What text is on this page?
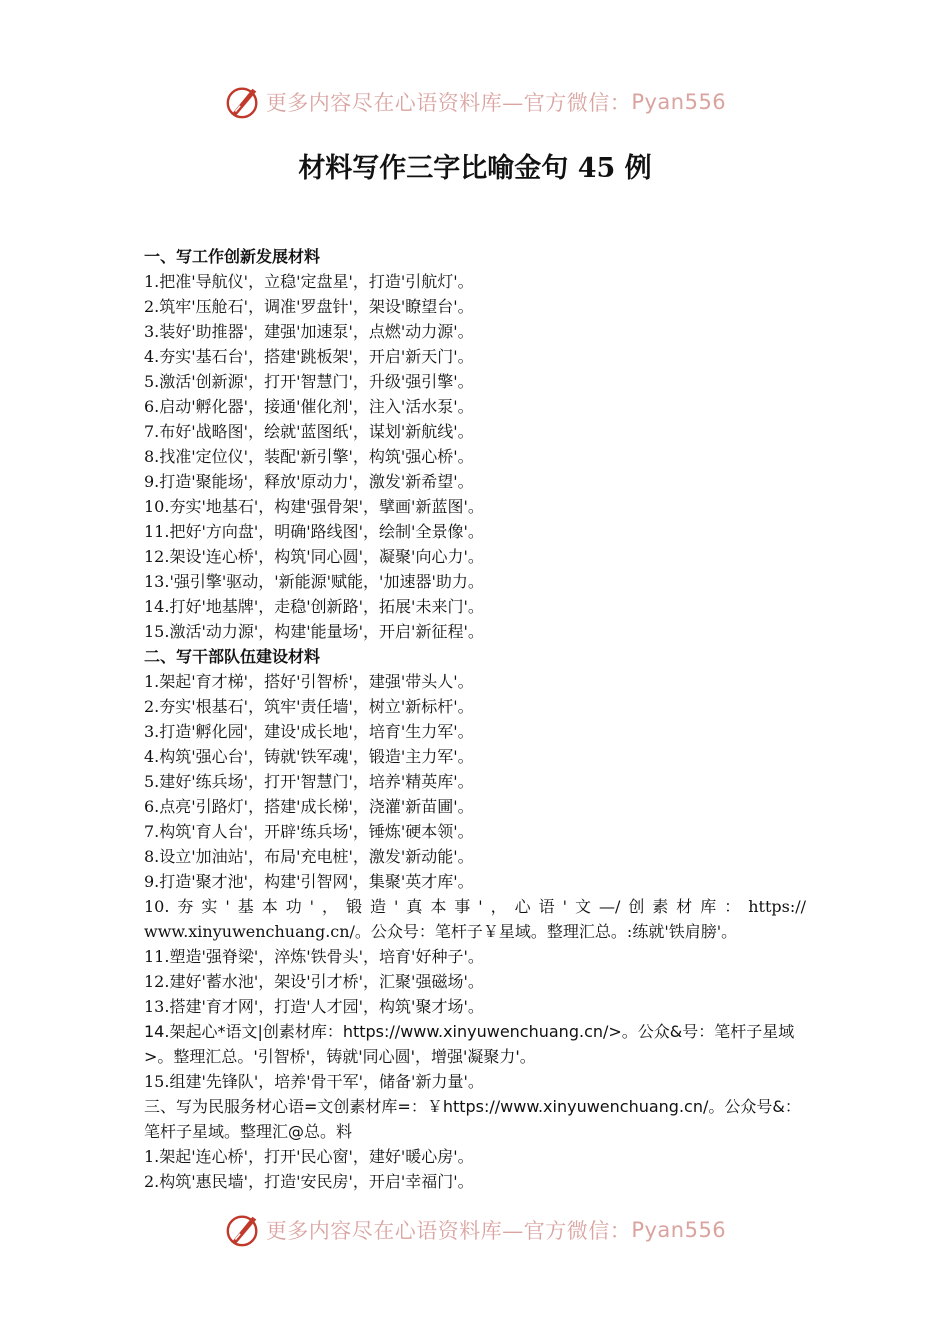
更多内容尽在心语资料库—官方微信： Pyan556
材料写作三字比喻金句 45 例
一、写工作创新发展材料
1.把准'导航仪'，立稳'定盘星'，打造'引航灯'。
2.筑牢'压舱石'，调准'罗盘针'，架设'瞭望台'。
3.装好'助推器'，建强'加速泵'，点燃'动力源'。
4.夯实'基石台'，搭建'跳板架'，开启'新天门'。
5.激活'创新源'，打开'智慧门'，升级'强引擎'。
6.启动'孵化器'，接通'催化剂'，注入'活水泵'。
7.布好'战略图'，绘就'蓝图纸'，谋划'新航线'。
8.找准'定位仪'，装配'新引擎'，构筑'强心桥'。
9.打造'聚能场'，释放'原动力'，激发'新希望'。
10.夯实'地基石'，构建'强骨架'，擘画'新蓝图'。
11.把好'方向盘'，明确'路线图'，绘制'全景像'。
12.架设'连心桥'，构筑'同心圆'，凝聚'向心力'。
13.'强引擎'驱动，'新能源'赋能，'加速器'助力。
14.打好'地基牌'，走稳'创新路'，拓展'未来门'。
15.激活'动力源'，构建'能量场'，开启'新征程'。
二、写干部队伍建设材料
1.架起'育才梯'，搭好'引智桥'，建强'带头人'。
2.夯实'根基石'，筑牢'责任墙'，树立'新标杆'。
3.打造'孵化园'，建设'成长地'，培育'生力军'。
4.构筑'强心台'，铸就'铁军魂'，锻造'主力军'。
5.建好'练兵场'，打开'智慧门'，培养'精英库'。
6.点亮'引路灯'，搭建'成长梯'，浇灌'新苗圃'。
7.构筑'育人台'，开辟'练兵场'，锤炼'硬本领'。
8.设立'加油站'，布局'充电桩'，激发'新动能'。
9.打造'聚才池'，构建'引智网'，集聚'英才库'。
10.夯实'基本功'，锻造'真本事'，心语'文—/创素材库：https://
www.xinyuwenchuang.cn/。公众号：笔杆子￥星域。整理汇总。:练就'铁肩膀'。
11.塑造'强脊梁'，淬炼'铁骨头'，培育'好种子'。
12.建好'蓄水池'，架设'引才桥'，汇聚'强磁场'。
13.搭建'育才网'，打造'人才园'，构筑'聚才场'。
14.架起心*语文|创素材库：https://www.xinyuwenchuang.cn/>。公众&号：笔杆子星域>。整理汇总。'引智桥'，铸就'同心圆'，增强'凝聚力'。
15.组建'先锋队'，培养'骨干军'，储备'新力量'。
三、写为民服务材心语=文创素材库=：￥https://www.xinyuwenchuang.cn/。公众号&：笔杆子星域。整理汇@总。料
1.架起'连心桥'，打开'民心窗'，建好'暖心房'。
2.构筑'惠民墙'，打造'安民房'，开启'幸福门'。
更多内容尽在心语资料库—官方微信： Pyan556
